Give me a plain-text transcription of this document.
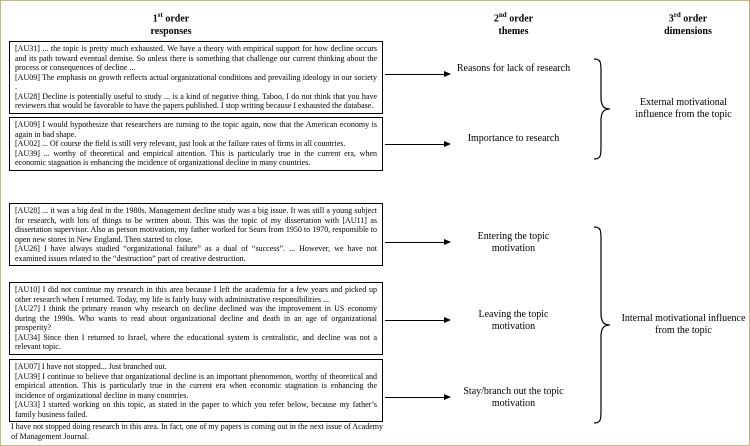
1st order
responses
2nd order
themes
3rd order
dimensions

[AU31] ... the topic is pretty much exhausted. We have a theory with empirical support for how decline occurs and its path toward eventual demise. So unless there is something that challenge our current thinking about the process or consequences of decline ...

[AU09] The emphasis on growth reflects actual organizational conditions and prevailing ideology in our society .

[AU28] Decline is potentially useful to study ... is a kind of negative thing. Taboo, I do not think that you have reviewers that would be favorable to have the papers published. I stop writing because I exhausted the database.

[AU09] I would hypothesize that researchers are turning to the topic again, now that the American economy is again in bad shape.

[AU02] ... Of course the field is still very relevant, just look at the failure rates of firms in all countries.

[AU39] ... worthy of theoretical and empirical attention. This is particularly true in the current era, when economic stagnation is enhancing the incidence of organizational decline in many countries.

[AU28] ... it was a big deal in the 1980s. Management decline study was a big issue. It was still a young subject for research, with lots of things to be written about. This was the topic of my dissertation with [AU11] as dissertation supervisor. Also as person motivation, my father worked for Sears from 1950 to 1970, responsible to open new stores in New England. Then started to close.

[AU26] I have always studied “organizational failure” as a dual of “success”. ... However, we have not examined issues related to the “destruction” part of creative destruction.

[AU10] I did not continue my research in this area because I left the academia for a few years and picked up other research when I returned. Today, my life is fairly busy with administrative responsibilities ...

[AU27] I think the primary reason why research on decline declined was the improvement in US economy during the 1990s. Who wants to read about organizational decline and death in an age of organizational prosperity?

[AU34] Since then I returned to Israel, where the educational system is centralistic, and decline was not a relevant topic.

[AU07] I have not stopped... Just branched out.

[AU39] I continue to believe that organizational decline is an important phenomenon, worthy of theoretical and empirical attention. This is particularly true in the current era when economic stagnation is enhancing the incidence of organizational decline in many countries.

[AU33] I started working on this topic, as stated in the paper to which you refer below, because my father’s family business failed.

I have not stopped doing research in this area. In fact, one of my papers is coming out in the next issue of Academy of Management Journal.
Reasons for lack of research
Importance to research
Entering the topic motivation
Leaving the topic motivation
Stay/branch out the topic motivation
External motivational influence from the topic
Internal motivational influence from the topic
